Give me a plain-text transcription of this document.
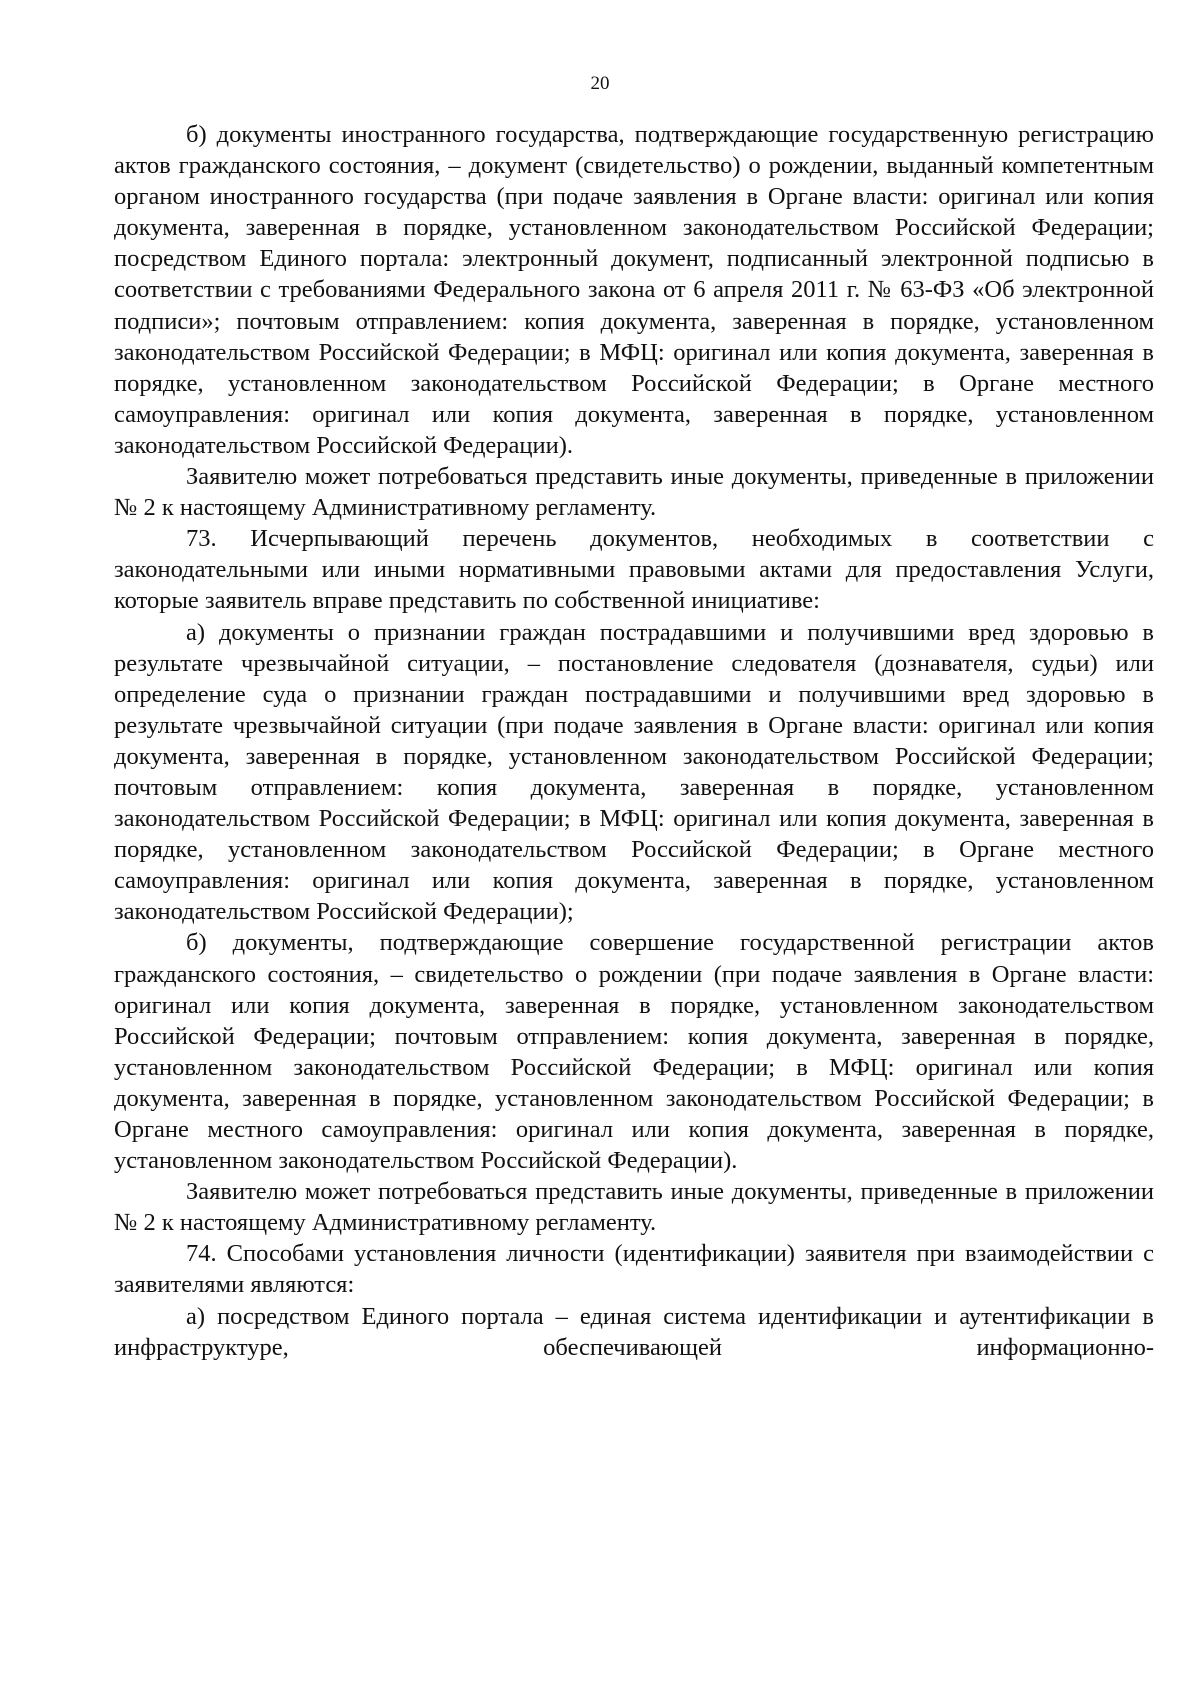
20

б) документы иностранного государства, подтверждающие государственную регистрацию актов гражданского состояния, – документ (свидетельство) о рождении, выданный компетентным органом иностранного государства (при подаче заявления в Органе власти: оригинал или копия документа, заверенная в порядке, установленном законодательством Российской Федерации; посредством Единого портала: электронный документ, подписанный электронной подписью в соответствии с требованиями Федерального закона от 6 апреля 2011 г. № 63-ФЗ «Об электронной подписи»; почтовым отправлением: копия документа, заверенная в порядке, установленном законодательством Российской Федерации; в МФЦ: оригинал или копия документа, заверенная в порядке, установленном законодательством Российской Федерации; в Органе местного самоуправления: оригинал или копия документа, заверенная в порядке, установленном законодательством Российской Федерации).

Заявителю может потребоваться представить иные документы, приведенные в приложении № 2 к настоящему Административному регламенту.

73. Исчерпывающий перечень документов, необходимых в соответствии с законодательными или иными нормативными правовыми актами для предоставления Услуги, которые заявитель вправе представить по собственной инициативе:

а) документы о признании граждан пострадавшими и получившими вред здоровью в результате чрезвычайной ситуации, – постановление следователя (дознавателя, судьи) или определение суда о признании граждан пострадавшими и получившими вред здоровью в результате чрезвычайной ситуации (при подаче заявления в Органе власти: оригинал или копия документа, заверенная в порядке, установленном законодательством Российской Федерации; почтовым отправлением: копия документа, заверенная в порядке, установленном законодательством Российской Федерации; в МФЦ: оригинал или копия документа, заверенная в порядке, установленном законодательством Российской Федерации; в Органе местного самоуправления: оригинал или копия документа, заверенная в порядке, установленном законодательством Российской Федерации);

б) документы, подтверждающие совершение государственной регистрации актов гражданского состояния, – свидетельство о рождении (при подаче заявления в Органе власти: оригинал или копия документа, заверенная в порядке, установленном законодательством Российской Федерации; почтовым отправлением: копия документа, заверенная в порядке, установленном законодательством Российской Федерации; в МФЦ: оригинал или копия документа, заверенная в порядке, установленном законодательством Российской Федерации; в Органе местного самоуправления: оригинал или копия документа, заверенная в порядке, установленном законодательством Российской Федерации).

Заявителю может потребоваться представить иные документы, приведенные в приложении № 2 к настоящему Административному регламенту.

74. Способами установления личности (идентификации) заявителя при взаимодействии с заявителями являются:

а) посредством Единого портала – единая система идентификации и аутентификации в инфраструктуре, обеспечивающей информационно-
